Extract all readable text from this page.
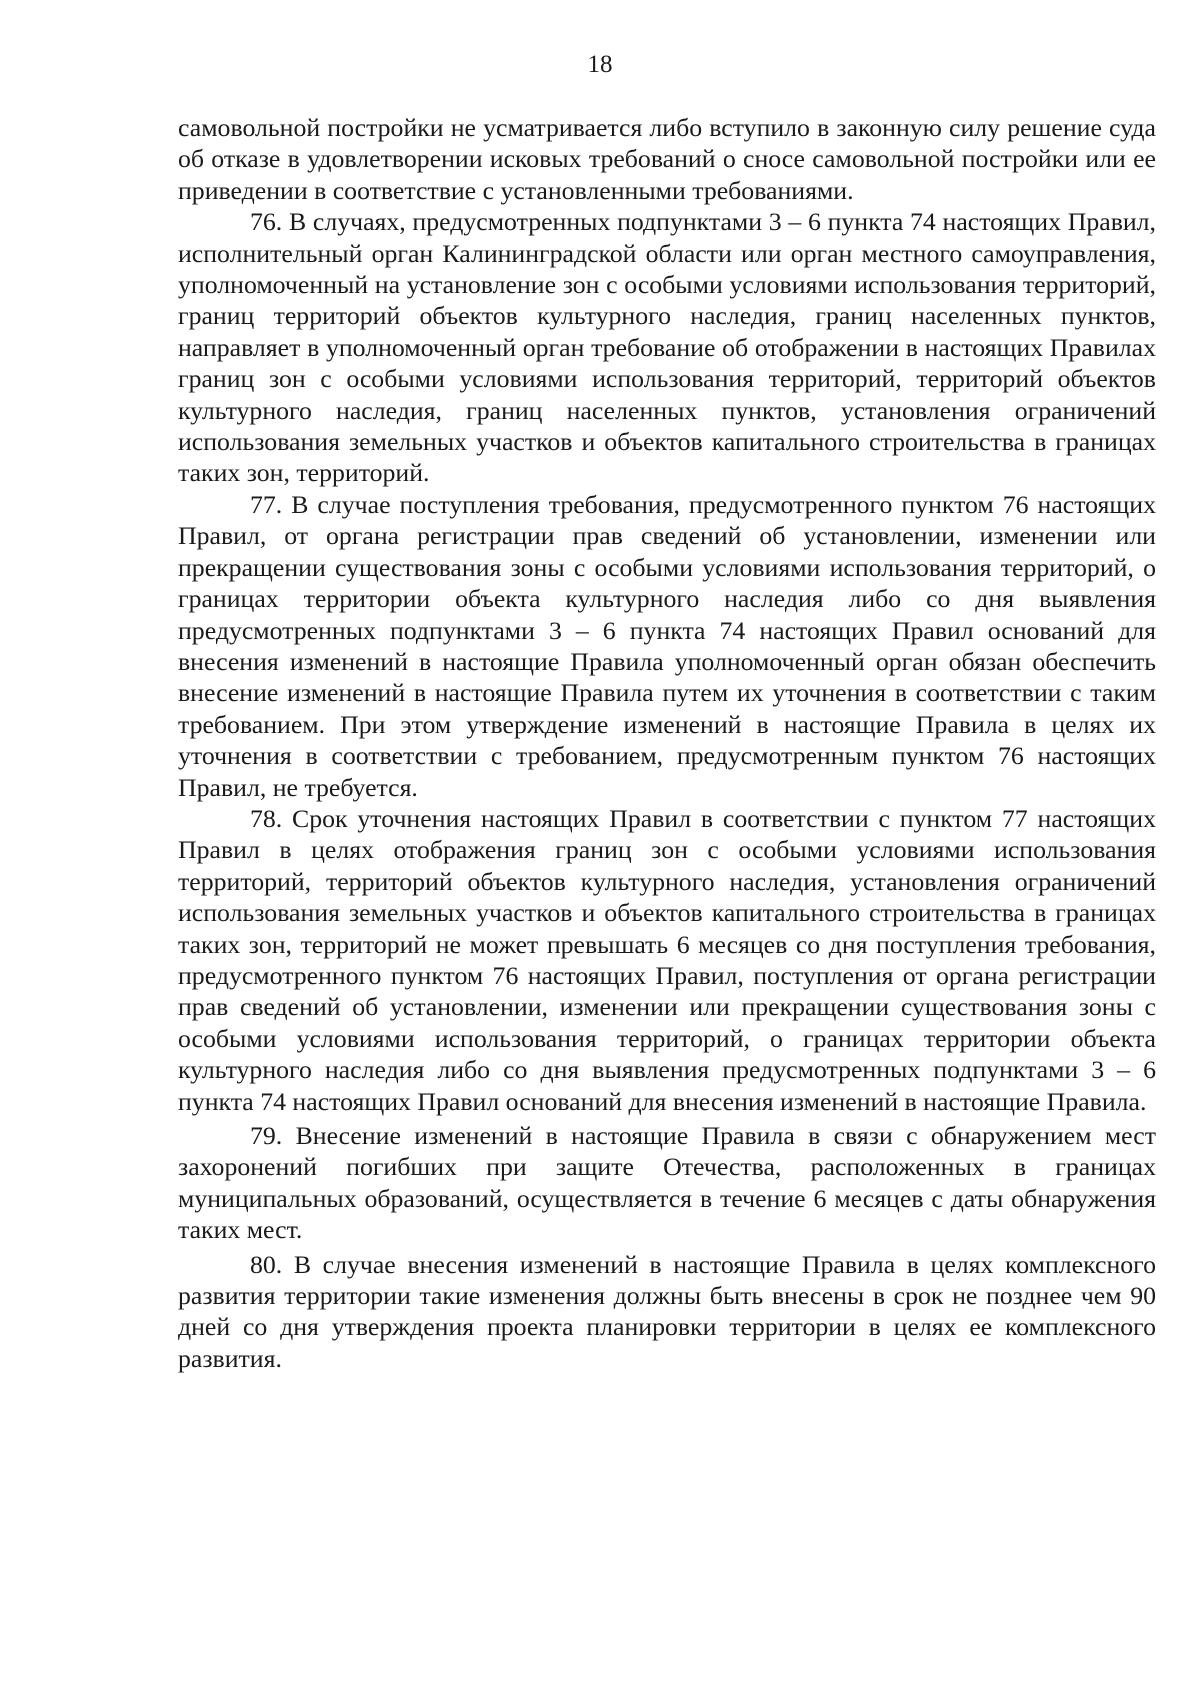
18

самовольной постройки не усматривается либо вступило в законную силу решение суда об отказе в удовлетворении исковых требований о сносе самовольной постройки или ее приведении в соответствие с установленными требованиями.

76. В случаях, предусмотренных подпунктами 3 – 6 пункта 74 настоящих Правил, исполнительный орган Калининградской области или орган местного самоуправления, уполномоченный на установление зон с особыми условиями использования территорий, границ территорий объектов культурного наследия, границ населенных пунктов, направляет в уполномоченный орган требование об отображении в настоящих Правилах границ зон с особыми условиями использования территорий, территорий объектов культурного наследия, границ населенных пунктов, установления ограничений использования земельных участков и объектов капитального строительства в границах таких зон, территорий.

77. В случае поступления требования, предусмотренного пунктом 76 настоящих Правил, от органа регистрации прав сведений об установлении, изменении или прекращении существования зоны с особыми условиями использования территорий, о границах территории объекта культурного наследия либо со дня выявления предусмотренных подпунктами 3 – 6 пункта 74 настоящих Правил оснований для внесения изменений в настоящие Правила уполномоченный орган обязан обеспечить внесение изменений в настоящие Правила путем их уточнения в соответствии с таким требованием. При этом утверждение изменений в настоящие Правила в целях их уточнения в соответствии с требованием, предусмотренным пунктом 76 настоящих Правил, не требуется.

78. Срок уточнения настоящих Правил в соответствии с пунктом 77 настоящих Правил в целях отображения границ зон с особыми условиями использования территорий, территорий объектов культурного наследия, установления ограничений использования земельных участков и объектов капитального строительства в границах таких зон, территорий не может превышать 6 месяцев со дня поступления требования, предусмотренного пунктом 76 настоящих Правил, поступления от органа регистрации прав сведений об установлении, изменении или прекращении существования зоны с особыми условиями использования территорий, о границах территории объекта культурного наследия либо со дня выявления предусмотренных подпунктами 3 – 6 пункта 74 настоящих Правил оснований для внесения изменений в настоящие Правила.

79. Внесение изменений в настоящие Правила в связи с обнаружением мест захоронений погибших при защите Отечества, расположенных в границах муниципальных образований, осуществляется в течение 6 месяцев с даты обнаружения таких мест.

80. В случае внесения изменений в настоящие Правила в целях комплексного развития территории такие изменения должны быть внесены в срок не позднее чем 90 дней со дня утверждения проекта планировки территории в целях ее комплексного развития.
